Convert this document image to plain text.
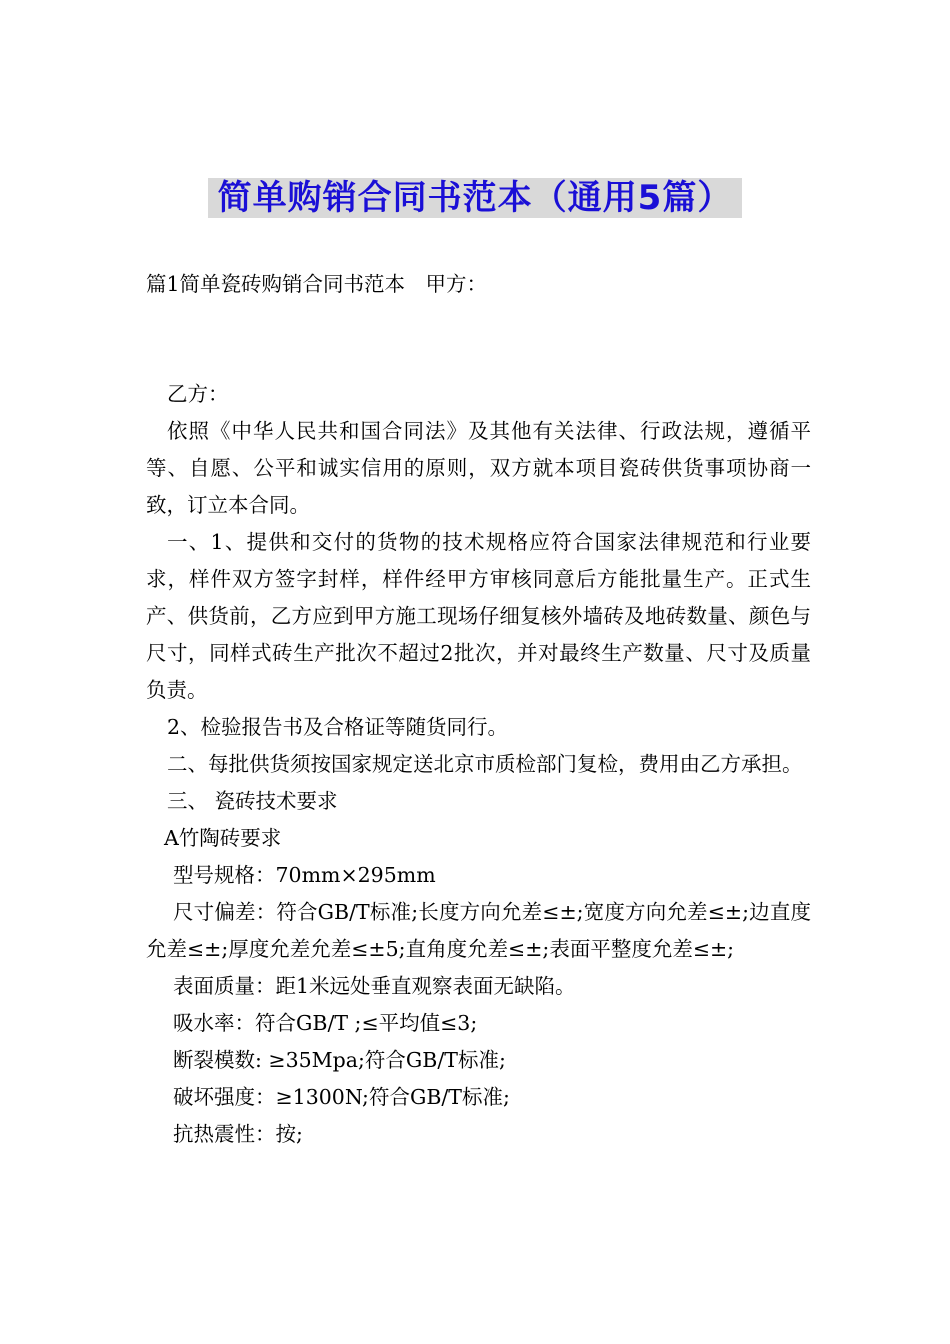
简单购销合同书范本（通用5篇）
篇1简单瓷砖购销合同书范本　甲方：

乙方：

依照《中华人民共和国合同法》及其他有关法律、行政法规，遵循平等、自愿、公平和诚实信用的原则，双方就本项目瓷砖供货事项协商一致，订立本合同。

一、1、提供和交付的货物的技术规格应符合国家法律规范和行业要求，样件双方签字封样，样件经甲方审核同意后方能批量生产。正式生产、供货前，乙方应到甲方施工现场仔细复核外墙砖及地砖数量、颜色与尺寸，同样式砖生产批次不超过2批次，并对最终生产数量、尺寸及质量负责。

2、检验报告书及合格证等随货同行。

二、每批供货须按国家规定送北京市质检部门复检，费用由乙方承担。

三、 瓷砖技术要求

A竹陶砖要求

型号规格：70mm×295mm

尺寸偏差：符合GB/T标准;长度方向允差≤±;宽度方向允差≤±;边直度允差≤±;厚度允差允差≤±5;直角度允差≤±;表面平整度允差≤±;

表面质量：距1米远处垂直观察表面无缺陷。

吸水率：符合GB/T ;≤平均值≤3;

断裂模数: ≥35Mpa;符合GB/T标准;

破坏强度：≥1300N;符合GB/T标准;

抗热震性：按;
